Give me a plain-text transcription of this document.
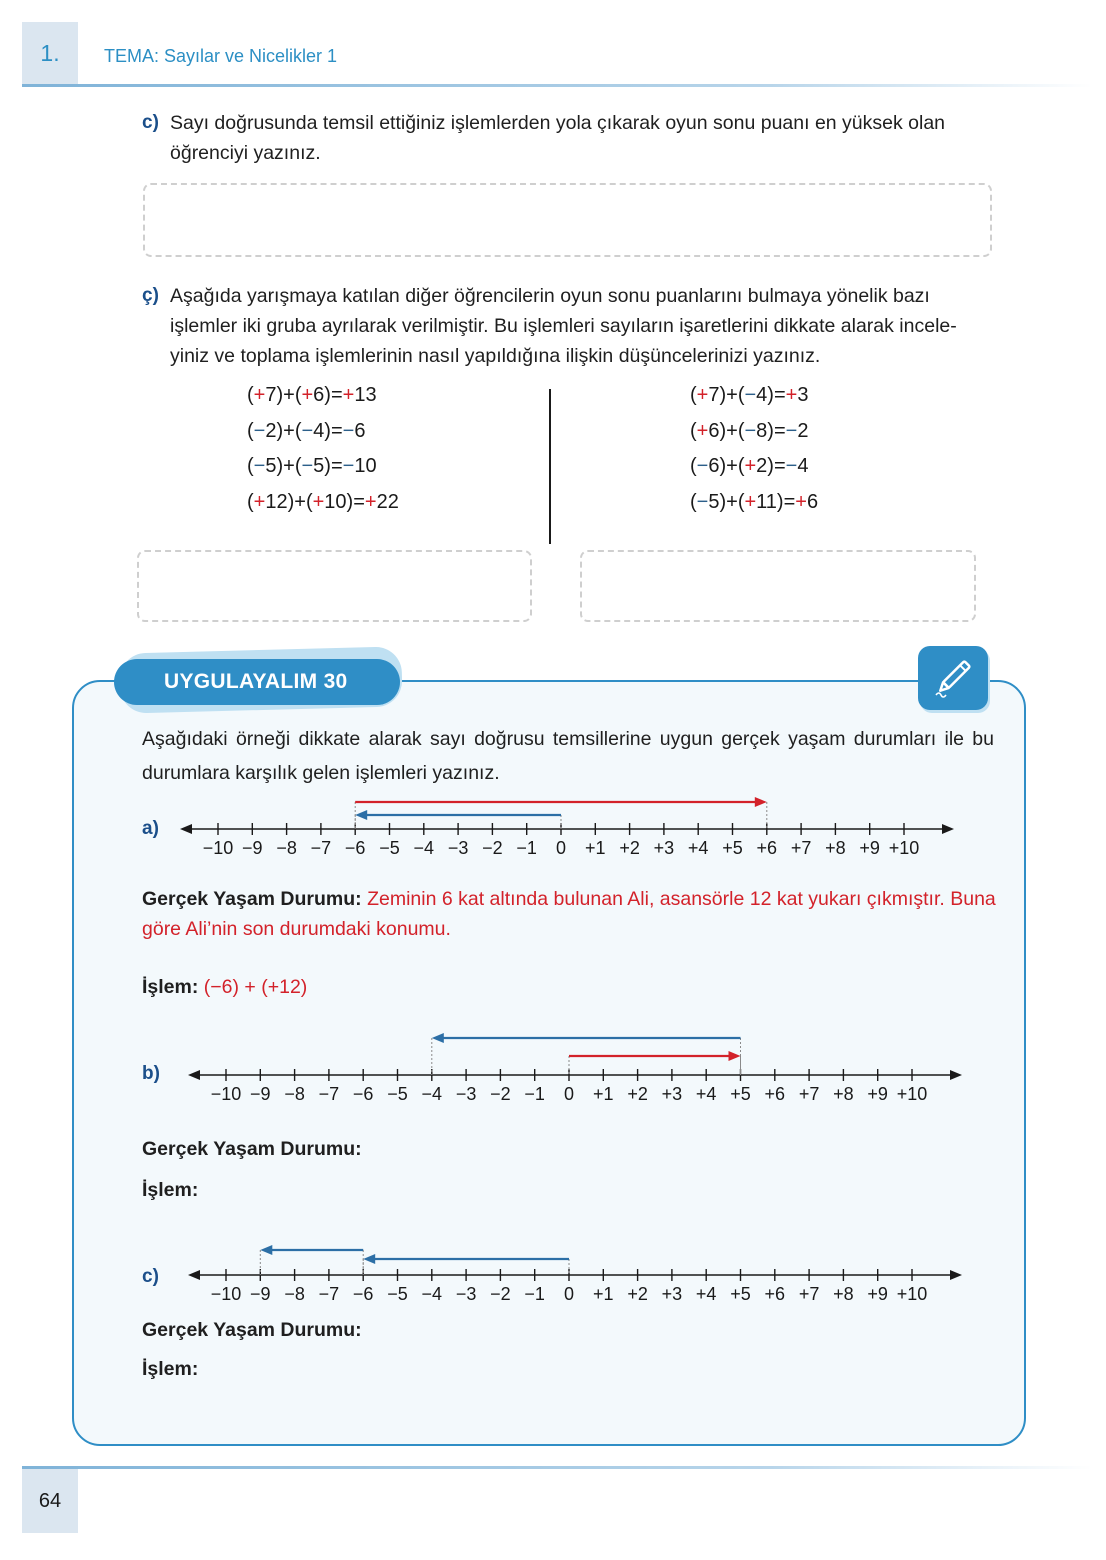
1.	TEMA: Sayılar ve Nicelikler 1
c) Sayı doğrusunda temsil ettiğiniz işlemlerden yola çıkarak oyun sonu puanı en yüksek olan
öğrenciyi yazınız.
ç) Aşağıda yarışmaya katılan diğer öğrencilerin oyun sonu puanlarını bulmaya yönelik bazı
işlemler iki gruba ayrılarak verilmiştir. Bu işlemleri sayıların işaretlerini dikkate alarak incele-
yiniz ve toplama işlemlerinin nasıl yapıldığına ilişkin düşüncelerinizi yazınız.
(+7)+(+6)=+13
(−2)+(−4)=−6
(−5)+(−5)=−10
(+12)+(+10)=+22
(+7)+(−4)=+3
(+6)+(−8)=−2
(−6)+(+2)=−4
(−5)+(+11)=+6
UYGULAYALIM 30
Aşağıdaki örneği dikkate alarak sayı doğrusu temsillerine uygun gerçek yaşam durumları ile bu durumlara karşılık gelen işlemleri yazınız.
a)
−10 −9 −8 −7 −6 −5 −4 −3 −2 −1 0 +1 +2 +3 +4 +5 +6 +7 +8 +9 +10
Gerçek Yaşam Durumu: Zeminin 6 kat altında bulunan Ali, asansörle 12 kat yukarı çıkmıştır. Buna göre Ali’nin son durumdaki konumu.
İşlem: (−6) + (+12)
b)
−10 −9 −8 −7 −6 −5 −4 −3 −2 −1 0 +1 +2 +3 +4 +5 +6 +7 +8 +9 +10
Gerçek Yaşam Durumu:
İşlem:
c)
−10 −9 −8 −7 −6 −5 −4 −3 −2 −1 0 +1 +2 +3 +4 +5 +6 +7 +8 +9 +10
Gerçek Yaşam Durumu:
İşlem:
64
